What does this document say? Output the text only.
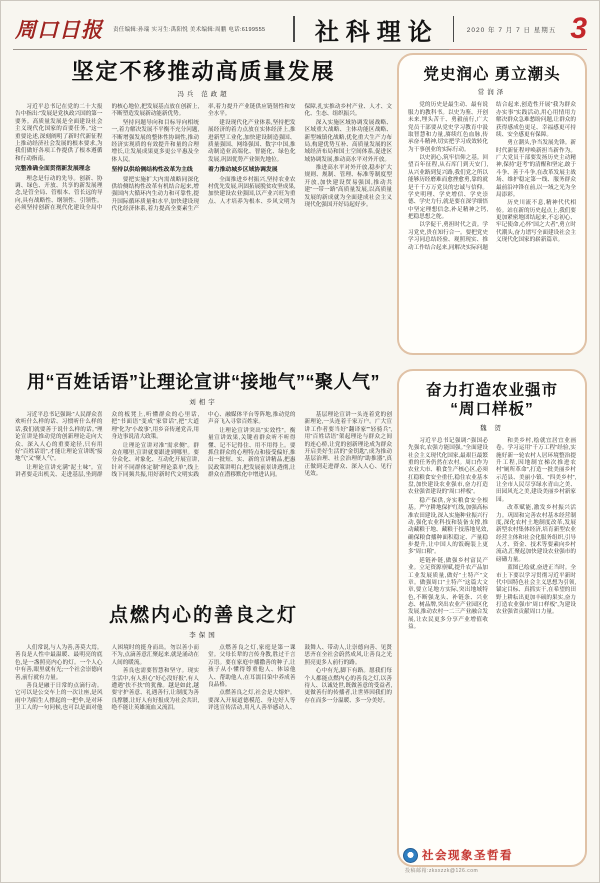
周口日报 责任编辑:孙瑞 实习生:禹阳悦 美术编辑:周鹏 电话:6199555 社科理论	2020 年 7 月 7 日 星期五 3
坚定不移推动高质量发展
冯兵 范政超

习近平总书记在党的二十大报告中指出:“发展是党执政兴国的第一要务。高质量发展是全面建设社会主义现代化国家的首要任务。”这一重要论述,深刻阐明了新时代新征程上推动经济社会发展的根本要求,为我们做好各项工作提供了根本遵循和行动指南。

完整准确全面贯彻新发展理念

理念是行动的先导。创新、协调、绿色、开放、共享的新发展理念,是管全局、管根本、管长远的导向,具有战略性、纲领性、引领性。必须坚持创新在现代化建设全局中的核心地位,把发展基点放在创新上,不断塑造发展新动能新优势。

坚持问题导向和目标导向相统一,着力解决发展不平衡不充分问题,不断增强发展的整体性协调性,推动经济实现质的有效提升和量的合理增长,让发展成果更多更公平惠及全体人民。

坚持以供给侧结构性改革为主线

要把实施扩大内需战略同深化供给侧结构性改革有机结合起来,增强国内大循环内生动力和可靠性,提升国际循环质量和水平,加快建设现代化经济体系,着力提高全要素生产率,着力提升产业链供应链韧性和安全水平。

建设现代化产业体系,坚持把发展经济的着力点放在实体经济上,推进新型工业化,加快建设制造强国、质量强国、网络强国、数字中国,推动制造业高端化、智能化、绿色化发展,巩固优势产业领先地位。

着力推动城乡区域协调发展

全面推进乡村振兴,坚持农业农村优先发展,巩固拓展脱贫攻坚成果,加快建设农业强国,以产业兴旺为重点、人才培养为根本、乡风文明为保障,扎实推动乡村产业、人才、文化、生态、组织振兴。

深入实施区域协调发展战略、区域重大战略、主体功能区战略、新型城镇化战略,优化重大生产力布局,构建优势互补、高质量发展的区域经济布局和国土空间体系,促进区域协调发展,推动高水平对外开放。

推进高水平对外开放,稳步扩大规则、规制、管理、标准等制度型开放,加快建设贸易强国,推动共建“一带一路”高质量发展,以高质量发展的新成就为全面建成社会主义现代化强国开好局起好步。

用“百姓话语”让理论宣讲“接地气”“聚人气”
刘相宇

习近平总书记强调:“人民群众喜欢听什么样的话、习惯听什么样的话,我们就要善于说什么样的话。”理论宣讲是推动党的创新理论走向大众、深入人心的重要途径,只有用好“百姓话语”,才能让理论宣讲既“接地气”又“聚人气”。

让理论宣讲充满“泥土味”。宣讲者要走出机关、走进基层,坐到群众的板凳上,听懂群众的心里话,把“书面语”变成“家常话”,把“大道理”化为“小故事”,用乡音传递党音,用身边事说清大政策。

让理论宣讲对准“需求侧”。群众在哪里,宣讲就要跟进到哪里。要分众化、对象化、互动化开展宣讲,针对不同群体定制“理论菜单”,线上线下同频共振,用好新时代文明实践中心、融媒体平台等阵地,推动党的声音飞入寻常百姓家。

让理论宣讲突出“实效性”。衡量宣讲效果,关键看群众听不听得懂、记不记得住、用不用得上。要抓住群众的心理特点和接受偏好,推出一批短、实、新的宣讲精品,把惠民政策讲明白,把发展前景讲透彻,让群众在潜移默化中增进认同。

基层理论宣讲一头连着党的创新理论,一头连着千家万户。广大宣讲工作者要当好“翻译家”“轻骑兵”,用“百姓话语”架起理论与群众之间的连心桥,让党的创新理论成为群众开启美好生活的“金钥匙”,成为推动基层治理、社会治理的“助推器”,真正做到走进群众、深入人心、见行见效。

点燃内心的善良之灯
李保国

人们常说,与人为善,善莫大焉。善良是人性中最温暖、最明亮的底色,是一盏照亮内心的灯。一个人心中有善,眼里就有光;一个社会崇德向善,前行就有力量。

善良是融于日常的点滴行动。它可以是公交车上的一次让座,是风雨中为陌生人撑起的一把伞,是对环卫工人的一句问候,也可以是面对他人困境时的挺身而出。勿以善小而不为,点滴善意汇聚起来,就是涌动在人间的暖流。

善良也需要智慧和坚守。现实生活中,有人担心“好心没好报”,有人遭遇“扶不扶”的犹豫。越是如此,越要守护善意、礼遇善行,让制度为善良撑腰,让好人有好报成为社会共识,绝不能让英雄流血又流泪。

点燃善良之灯,家庭是第一课堂。父母长辈的言传身教,胜过千言万语。要在家庭中播撒善的种子,让孩子从小懂得尊重他人、体谅他人、帮助他人,在耳濡目染中养成善良品格。

点燃善良之灯,社会是大熔炉。要深入开展道德模范、身边好人等评选宣传活动,用凡人善举感动人、鼓舞人、带动人,让崇德向善、见贤思齐在全社会蔚然成风,让善良之光照亮更多人前行的路。

心中有光,脚下有路。愿我们每个人都能点燃内心的善良之灯,以善待人、以诚处世,既做善意的受益者,更做善行的传播者,让世界因我们的存在而多一分温暖、多一分美好。

党史润心 勇立潮头
常润泽

党的历史是最生动、最有说服力的教科书。以史为鉴、开创未来,埋头苦干、勇毅前行,广大党员干部要从党史学习教育中汲取智慧和力量,赓续红色血脉,传承奋斗精神,切实把学习成效转化为干事创业的实际行动。

以史润心,筑牢信仰之基。回望百年征程,从石库门到天安门,从兴业路到复兴路,我们党之所以能够历经磨难而愈挫愈勇,靠的就是千千万万党员的忠诚与信仰。学史明理、学史增信、学史崇德、学史力行,就是要在深学细悟中坚定理想信念,补足精神之钙,把稳思想之舵。

以学促干,勇担时代之责。学习党史,贵在知行合一。要把党史学习同总结经验、观照现实、推动工作结合起来,同解决实际问题结合起来,创造性开展“我为群众办实事”实践活动,用心用情用力解决群众急难愁盼问题,让群众的获得感成色更足、幸福感更可持续、安全感更有保障。

勇立潮头,争当发展先锋。新时代新征程呼唤新担当新作为。广大党员干部要发扬历史主动精神,保持“赶考”的清醒和坚定,敢于斗争、善于斗争,在改革发展主战场、维护稳定第一线、服务群众最前沿冲锋在前,以一域之光为全局添彩。

历史川流不息,精神代代相传。站在新的历史起点上,我们要更加紧密地团结起来,不忘初心、牢记使命,心怀“国之大者”,勇立时代潮头,奋力谱写全面建设社会主义现代化国家的崭新篇章。

奋力打造农业强市
“周口样板”
魏 贺

习近平总书记强调:“强国必先强农,农强方能国强。”全面建设社会主义现代化国家,最艰巨最繁重的任务仍然在农村。周口作为农业大市、粮食生产核心区,必须扛稳粮食安全重任,稳住农业基本盘,加快建设农业强市,奋力打造农业强省建设的“周口样板”。

稳产保供,夯实粮食安全根基。严守耕地保护红线,加强高标准农田建设,深入实施种业振兴行动,强化农业科技和装备支撑,推动藏粮于地、藏粮于技落地见效,确保粮食播种面积稳定、产量稳步提升,让中国人的饭碗装上更多“周口粮”。

延链补链,做强乡村富民产业。立足资源禀赋,提升农产品加工业发展质量,做好“土特产”文章。做强周口“土特产”这篇大文章,要立足地方实际,突出地域特色,不断强龙头、补链条、兴业态、树品牌,突出农业产业园区化发展,推动农村一二三产业融合发展,让农民更多分享产业增值收益。

和美乡村,绘就宜居宜业画卷。学习运用“千万工程”经验,实施好新一轮农村人居环境整治提升工程,因地制宜梯次推进农村“厕所革命”,打造一批美丽乡村示范县、美丽小镇、“四美乡村”,让全市人民尽享绿水青山之美、田园风光之美,建设美丽乡村新家园。

改革赋能,激发乡村振兴活力。巩固和完善农村基本经营制度,深化农村土地制度改革,发展新型农村集体经济,培育新型农业经营主体和社会化服务组织,引导人才、资金、技术等要素向乡村流动,汇聚起加快建设农业强市的磅礴力量。

蓝图已绘就,奋进正当时。全市上下要以学习贯彻习近平新时代中国特色社会主义思想为引领,锚定目标、真抓实干,在希望的田野上耕耘出更加丰硕的果实,奋力打造农业强市“周口样板”,为建设农业强省贡献周口力量。

社会现象圣哲看
投稿邮箱:zksxzzk@126.com
